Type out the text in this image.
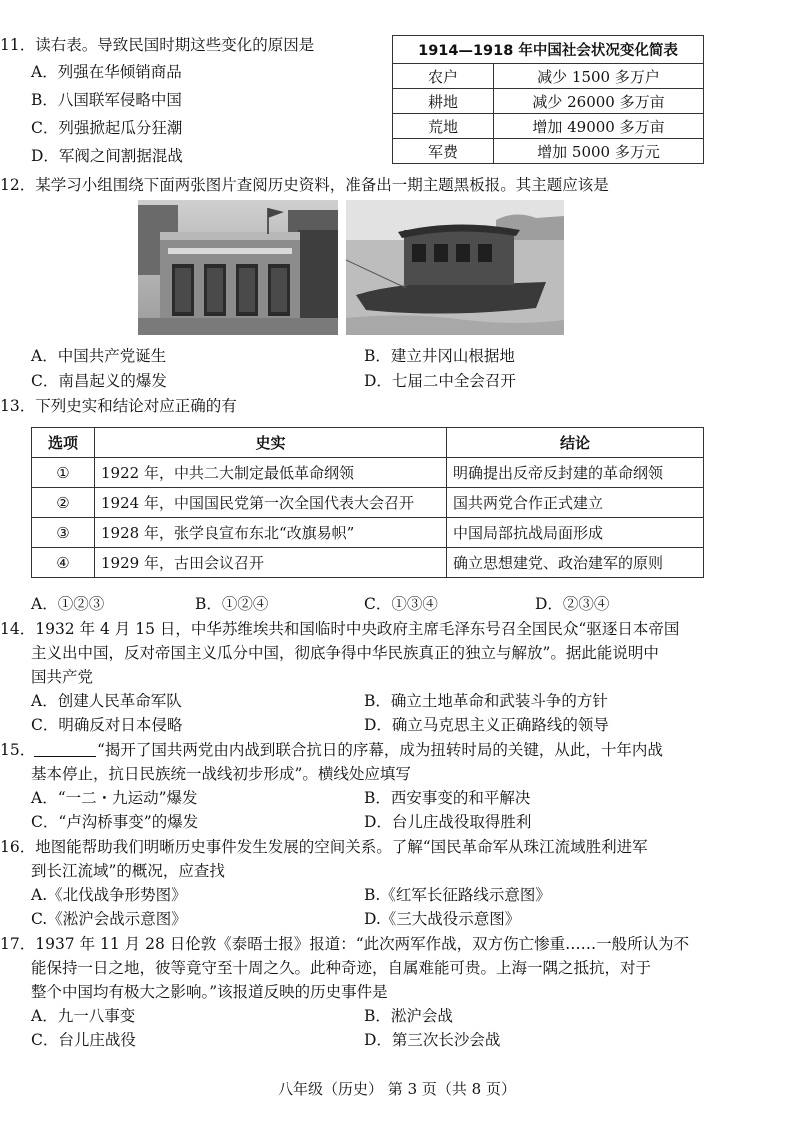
11．读右表。导致民国时期这些变化的原因是
A．列强在华倾销商品
B．八国联军侵略中国
C．列强掀起瓜分狂潮
D．军阀之间割据混战
1914—1918 年中国社会状况变化简表	
农户	减少 1500 多万户
耕地	减少 26000 多万亩
荒地	增加 49000 多万亩
军费	增加 5000 多万元
12．某学习小组围绕下面两张图片查阅历史资料，准备出一期主题黑板报。其主题应该是
A．中国共产党诞生	B．建立井冈山根据地
C．南昌起义的爆发	D．七届二中全会召开
13．下列史实和结论对应正确的有
选项	史实	结论
①	1922 年，中共二大制定最低革命纲领	明确提出反帝反封建的革命纲领
②	1924 年，中国国民党第一次全国代表大会召开	国共两党合作正式建立
③	1928 年，张学良宣布东北“改旗易帜”	中国局部抗战局面形成
④	1929 年，古田会议召开	确立思想建党、政治建军的原则
A．①②③	B．①②④	C．①③④	D．②③④
14．1932 年 4 月 15 日，中华苏维埃共和国临时中央政府主席毛泽东号召全国民众“驱逐日本帝国
主义出中国，反对帝国主义瓜分中国，彻底争得中华民族真正的独立与解放”。据此能说明中
国共产党
A．创建人民革命军队	B．确立土地革命和武装斗争的方针
C．明确反对日本侵略	D．确立马克思主义正确路线的领导
15．	“揭开了国共两党由内战到联合抗日的序幕，成为扭转时局的关键，从此，十年内战
基本停止，抗日民族统一战线初步形成”。横线处应填写
A．“一二・九运动”爆发	B．西安事变的和平解决
C．“卢沟桥事变”的爆发	D．台儿庄战役取得胜利
16．地图能帮助我们明晰历史事件发生发展的空间关系。了解“国民革命军从珠江流域胜利进军
到长江流域”的概况，应查找
A.《北伐战争形势图》	B.《红军长征路线示意图》
C.《淞沪会战示意图》	D.《三大战役示意图》
17．1937 年 11 月 28 日伦敦《泰晤士报》报道：“此次两军作战，双方伤亡惨重……一般所认为不
能保持一日之地，彼等竟守至十周之久。此种奇迹，自属难能可贵。上海一隅之抵抗，对于
整个中国均有极大之影响。”该报道反映的历史事件是
A．九一八事变	B．淞沪会战
C．台儿庄战役	D．第三次长沙会战
八年级（历史） 第 3 页（共 8 页）
